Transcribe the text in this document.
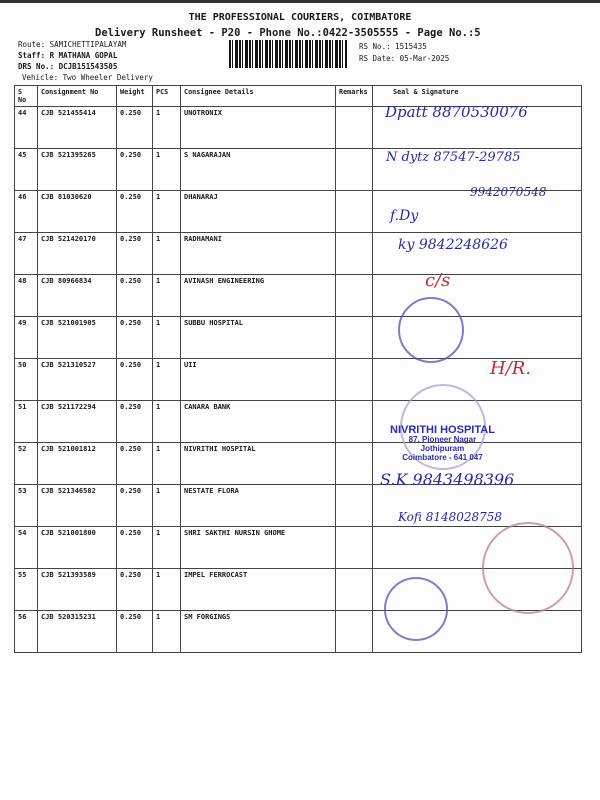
THE PROFESSIONAL COURIERS, COIMBATORE
Delivery Runsheet - P20 - Phone No.:0422-3505555 - Page No.:5
Route: SAMICHETTIPALAYAM
Staff: R MATHANA GOPAL
DRS No.: DCJB151543505
Vehicle: Two Wheeler Delivery
RS No.: 1515435
RS Date: 05-Mar-2025
S No	Consignment No	Weight	PCS	Consignee Details	Remarks	Seal & Signature
44	CJB 521455414	0.250	1	UNOTRONIX		
45	CJB 521395265	0.250	1	S NAGARAJAN		
46	CJB 81030620	0.250	1	DHANARAJ		
47	CJB 521420170	0.250	1	RADHAMANI		
48	CJB 80966834	0.250	1	AVINASH ENGINEERING		
49	CJB 521001905	0.250	1	SUBBU HOSPITAL		
50	CJB 521310527	0.250	1	UII		
51	CJB 521172294	0.250	1	CANARA BANK		
52	CJB 521001812	0.250	1	NIVRITHI HOSPITAL		
53	CJB 521346502	0.250	1	NESTATE FLORA		
54	CJB 521001800	0.250	1	SHRI SAKTHI NURSIN GHOME		
55	CJB 521393589	0.250	1	IMPEL FERROCAST		
56	CJB 520315231	0.250	1	SM FORGINGS		
Dpatt 8870530076
N dytz 87547-29785
9942070548
f.Dy
ky 9842248626
c/s
H/R.
NIVRITHI HOSPITAL
87, Pioneer Nagar
Jothipuram
Coimbatore - 641 047
S.K 9843498396
Kofi 8148028758
